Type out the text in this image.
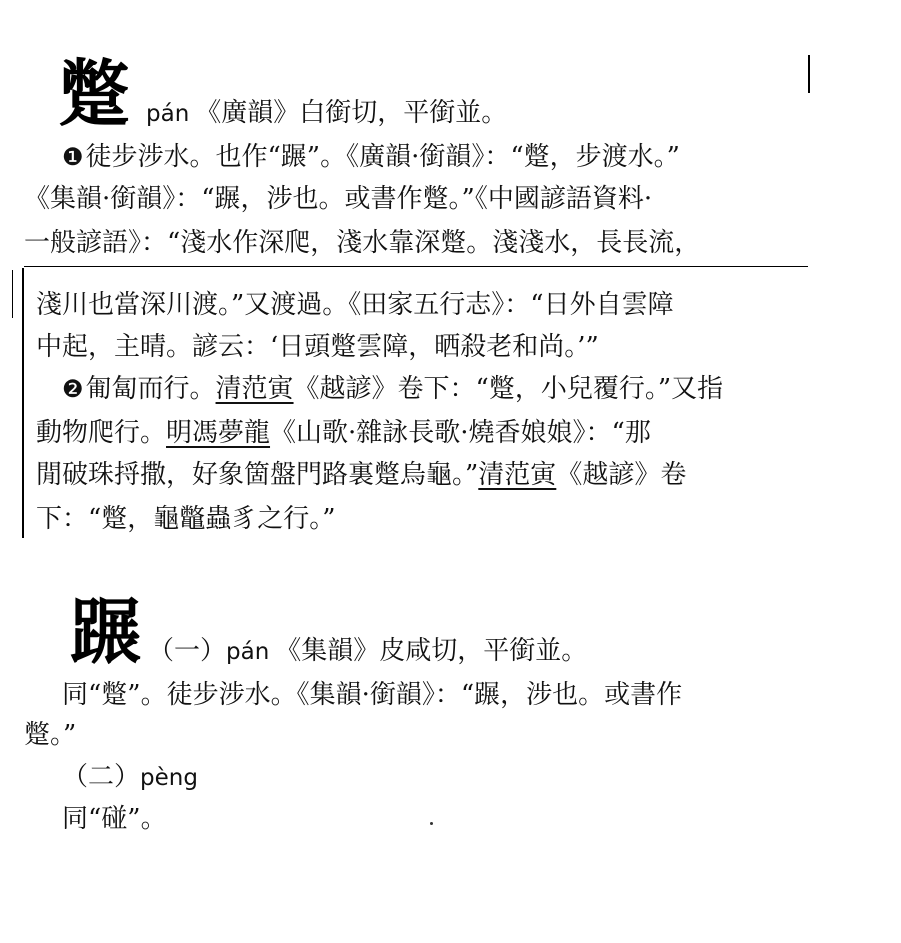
蹩 pán 《廣韻》白銜切，平銜並。
❶徒步涉水。也作“蹍”。《廣韻·銜韻》：“蹩，步渡水。”
《集韻·銜韻》：“蹍，涉也。或書作蹩。”《中國諺語資料·
一般諺語》：“淺水作深爬，淺水靠深蹩。淺淺水，長長流，
淺川也當深川渡。”又渡過。《田家五行志》：“日外自雲障
中起，主晴。諺云：‘日頭蹩雲障，晒殺老和尚。’”
❷匍匐而行。清范寅《越諺》卷下：“蹩，小兒覆行。”又指
動物爬行。明馮夢龍《山歌·雜詠長歌·燒香娘娘》：“那
閒破珠捋撒，好象箇盤門路裏蹩烏龜。”清范寅《越諺》卷
下：“蹩，龜鼈蟲豸之行。”
蹍 （一）pán 《集韻》皮咸切，平銜並。
同“蹩”。徒步涉水。《集韻·銜韻》：“蹍，涉也。或書作
蹩。”
（二）pèng
同“碰”。
